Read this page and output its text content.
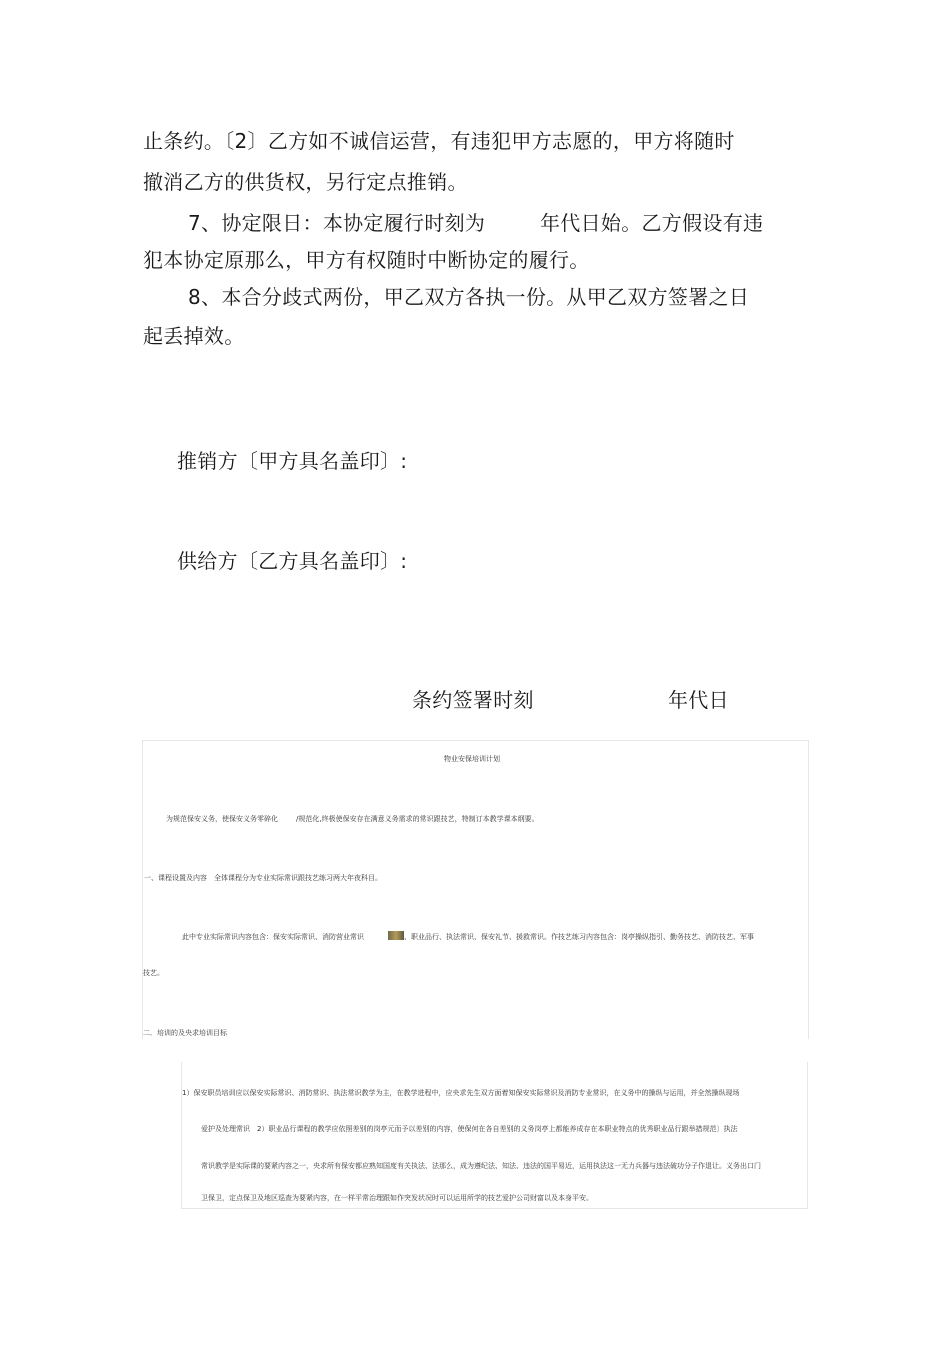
止条约。〔2〕乙方如不诚信运营，有违犯甲方志愿的，甲方将随时
撤消乙方的供货权，另行定点推销。
7、协定限日：本协定履行时刻为	年代日始。乙方假设有违
犯本协定原那么，甲方有权随时中断协定的履行。
8、本合分歧式两份，甲乙双方各执一份。从甲乙双方签署之日
起丢掉效。
推销方〔甲方具名盖印〕:
供给方〔乙方具名盖印〕:
条约签署时刻	年代日
物业安保培训计划
为规范保安义务，使保安义务零碎化	/规范化,终极使保安存在满意义务需求的常识跟技艺，特制订本教学课本纲要。
一、课程设置及内容　全体课程分为专业实际常识跟技艺练习两大年夜科目。
此中专业实际常识内容包含：保安实际常识、消防营业常识	、职业品行、执法常识、保安礼节、援救常识。作技艺练习内容包含：岗亭操纵指引、勤务技艺、消防技艺、军事
技艺。
二．培训的及央求培训目标
1）保安职员培训应以保安实际常识、消防常识、执法常识教学为主，在教学进程中，应央求先生双方面着知保安实际常识及消防专业常识，在义务中的操纵与运用，并全然操纵现场
爱护及处理常识　2）职业品行课程的教学应依照差别的岗亭元而予以差别的内容，使保何在各自差别的义务岗亭上都能养成存在本职业特点的优秀职业品行跟举措规范〕执法
常识教学是实际课的要紧内容之一，央求所有保安都应熟知国度有关执法、法那么，成为遵纪法、知法、违法的国平易近，运用执法这一无力兵器与违法破功分子作退让。义务出口门
卫保卫，定点保卫及地区巡查为要紧内容，在一样平常治理跟如作突发状况时可以运用所学的技艺爱护公司财富以及本身平安。
